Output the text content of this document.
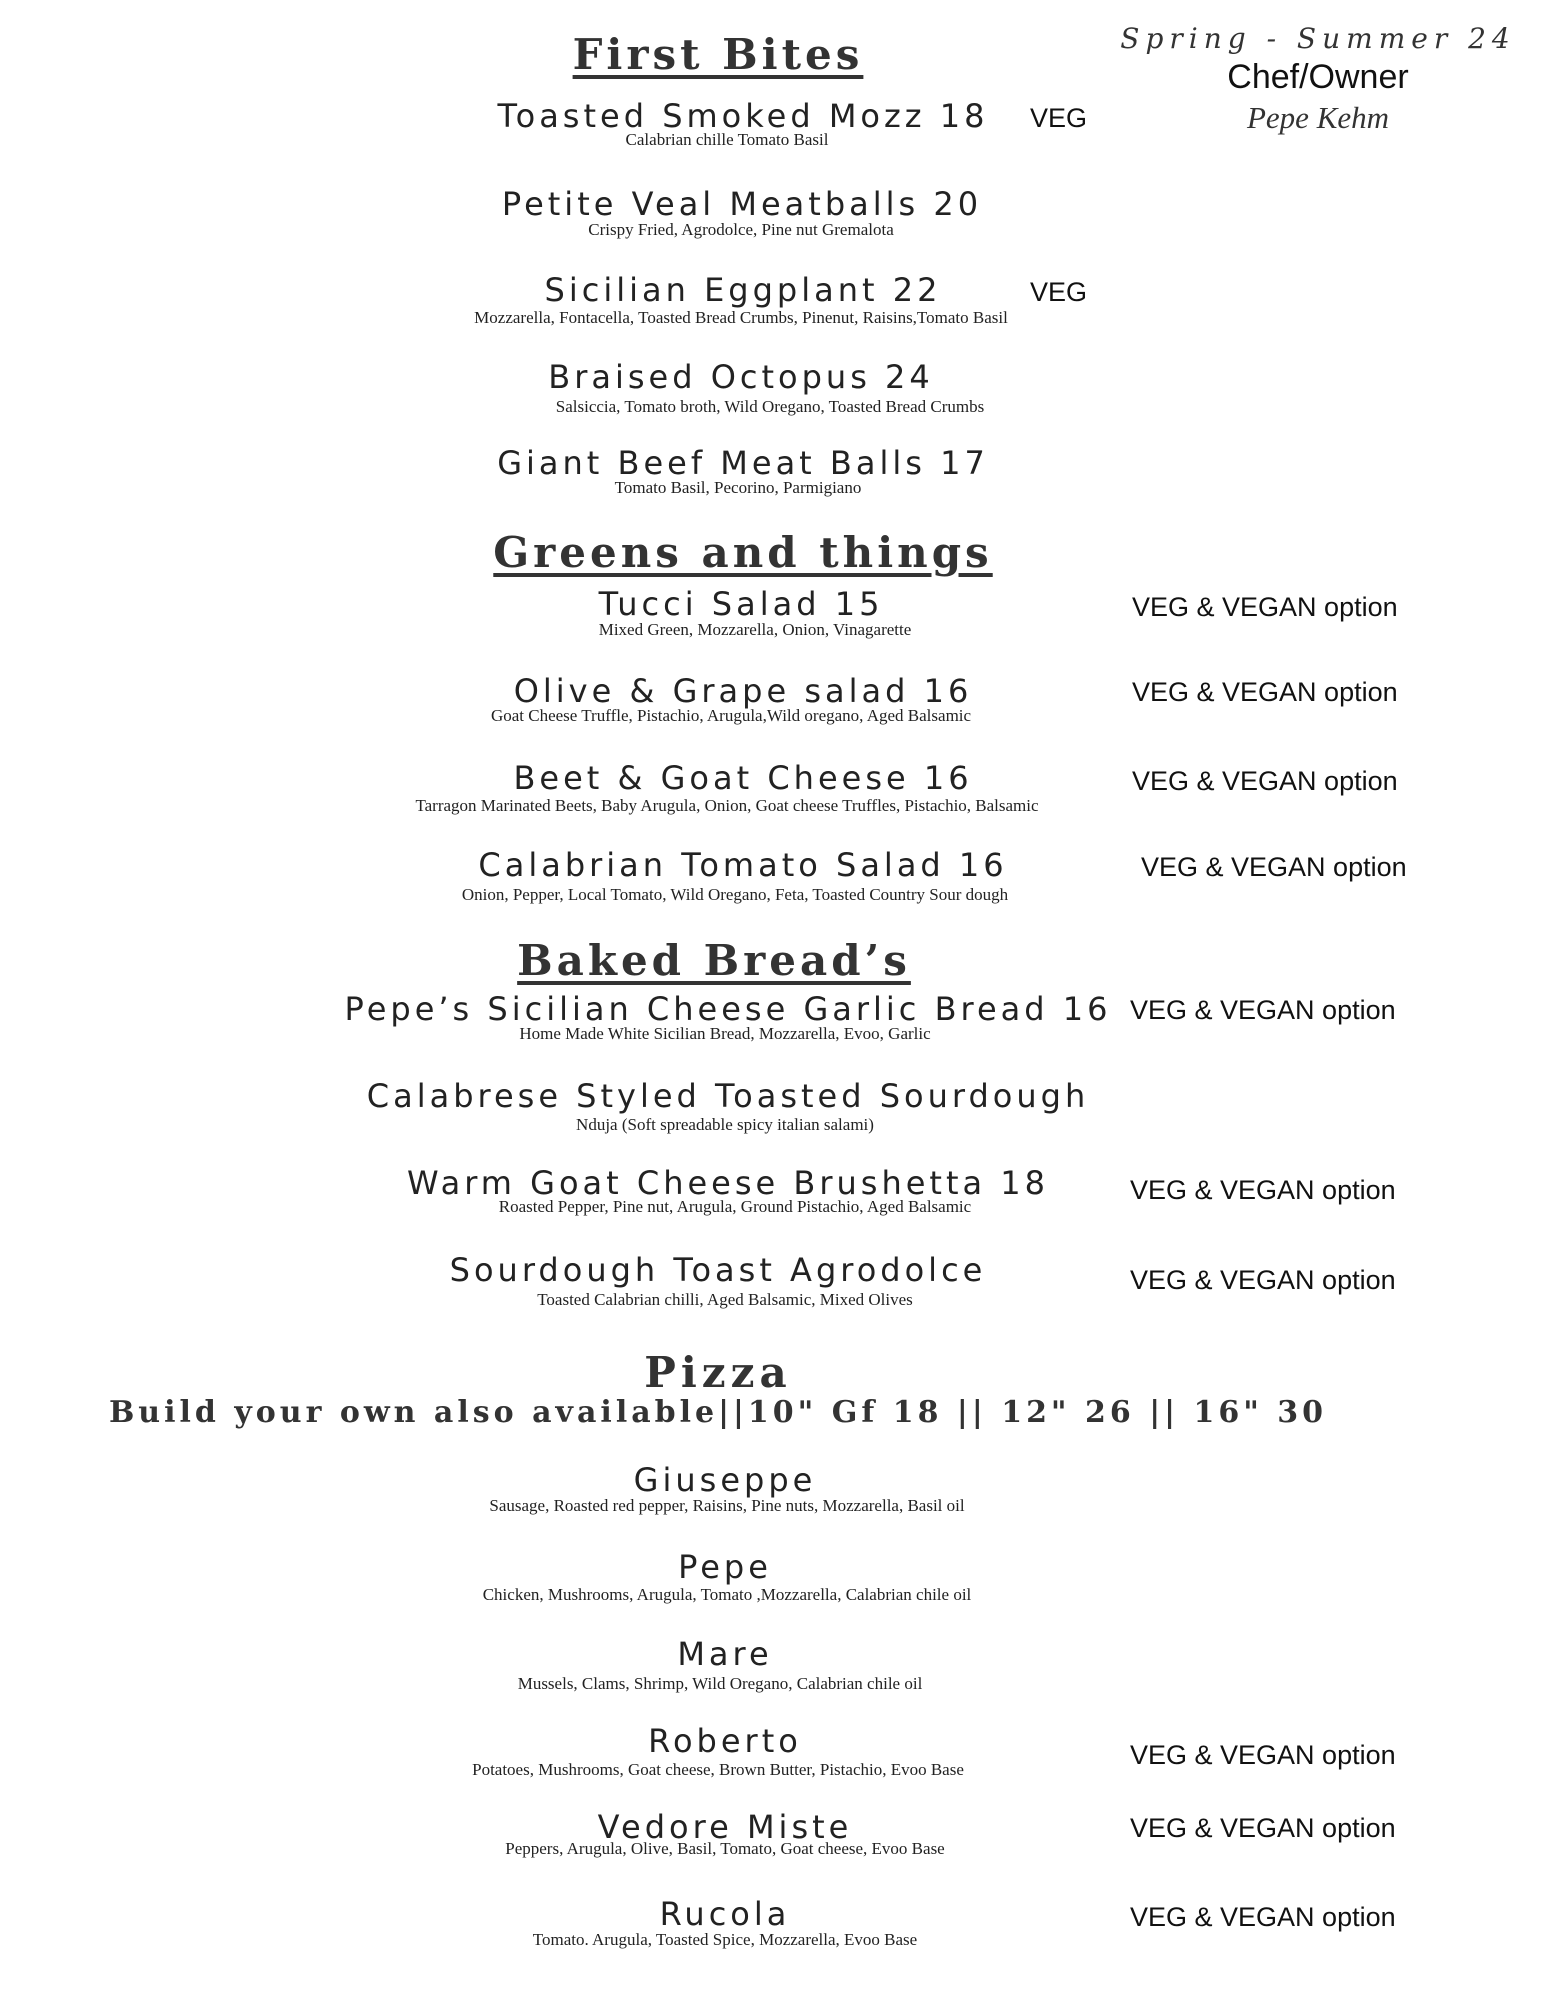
Spring - Summer 24
Chef/Owner
Pepe Kehm
First Bites
Toasted Smoked Mozz 18
Calabrian chille Tomato Basil
VEG
Petite Veal Meatballs 20
Crispy Fried, Agrodolce, Pine nut Gremalota
Sicilian Eggplant 22
Mozzarella, Fontacella, Toasted Bread Crumbs, Pinenut, Raisins,Tomato Basil
VEG
Braised Octopus 24
Salsiccia, Tomato broth, Wild Oregano, Toasted Bread Crumbs
Giant Beef Meat Balls 17
Tomato Basil, Pecorino, Parmigiano
Greens and things
Tucci Salad 15
Mixed Green, Mozzarella, Onion, Vinagarette
VEG & VEGAN option
Olive & Grape salad 16
Goat Cheese Truffle, Pistachio, Arugula,Wild oregano, Aged Balsamic
VEG & VEGAN option
Beet & Goat Cheese 16
Tarragon Marinated Beets, Baby Arugula, Onion, Goat cheese Truffles, Pistachio, Balsamic
VEG & VEGAN option
Calabrian Tomato Salad 16
Onion, Pepper, Local Tomato, Wild Oregano, Feta, Toasted Country Sour dough
VEG & VEGAN option
Baked Bread’s
Pepe’s Sicilian Cheese Garlic Bread 16
Home Made White Sicilian Bread, Mozzarella, Evoo, Garlic
VEG & VEGAN option
Calabrese Styled Toasted Sourdough
Nduja (Soft spreadable spicy italian salami)
Warm Goat Cheese Brushetta 18
Roasted Pepper, Pine nut, Arugula, Ground Pistachio, Aged Balsamic
VEG & VEGAN option
Sourdough Toast Agrodolce
Toasted Calabrian chilli, Aged Balsamic, Mixed Olives
VEG & VEGAN option
Pizza
Build your own also available||10" Gf 18 || 12" 26 || 16" 30
Giuseppe
Sausage, Roasted red pepper, Raisins, Pine nuts, Mozzarella, Basil oil
Pepe
Chicken, Mushrooms, Arugula, Tomato ,Mozzarella, Calabrian chile oil
Mare
Mussels, Clams, Shrimp, Wild Oregano, Calabrian chile oil
Roberto
Potatoes, Mushrooms, Goat cheese, Brown Butter, Pistachio, Evoo Base	VEG & VEGAN option
Vedore Miste
Peppers, Arugula, Olive, Basil, Tomato, Goat cheese, Evoo Base
VEG & VEGAN option
Rucola
Tomato. Arugula, Toasted Spice, Mozzarella, Evoo Base
VEG & VEGAN option
